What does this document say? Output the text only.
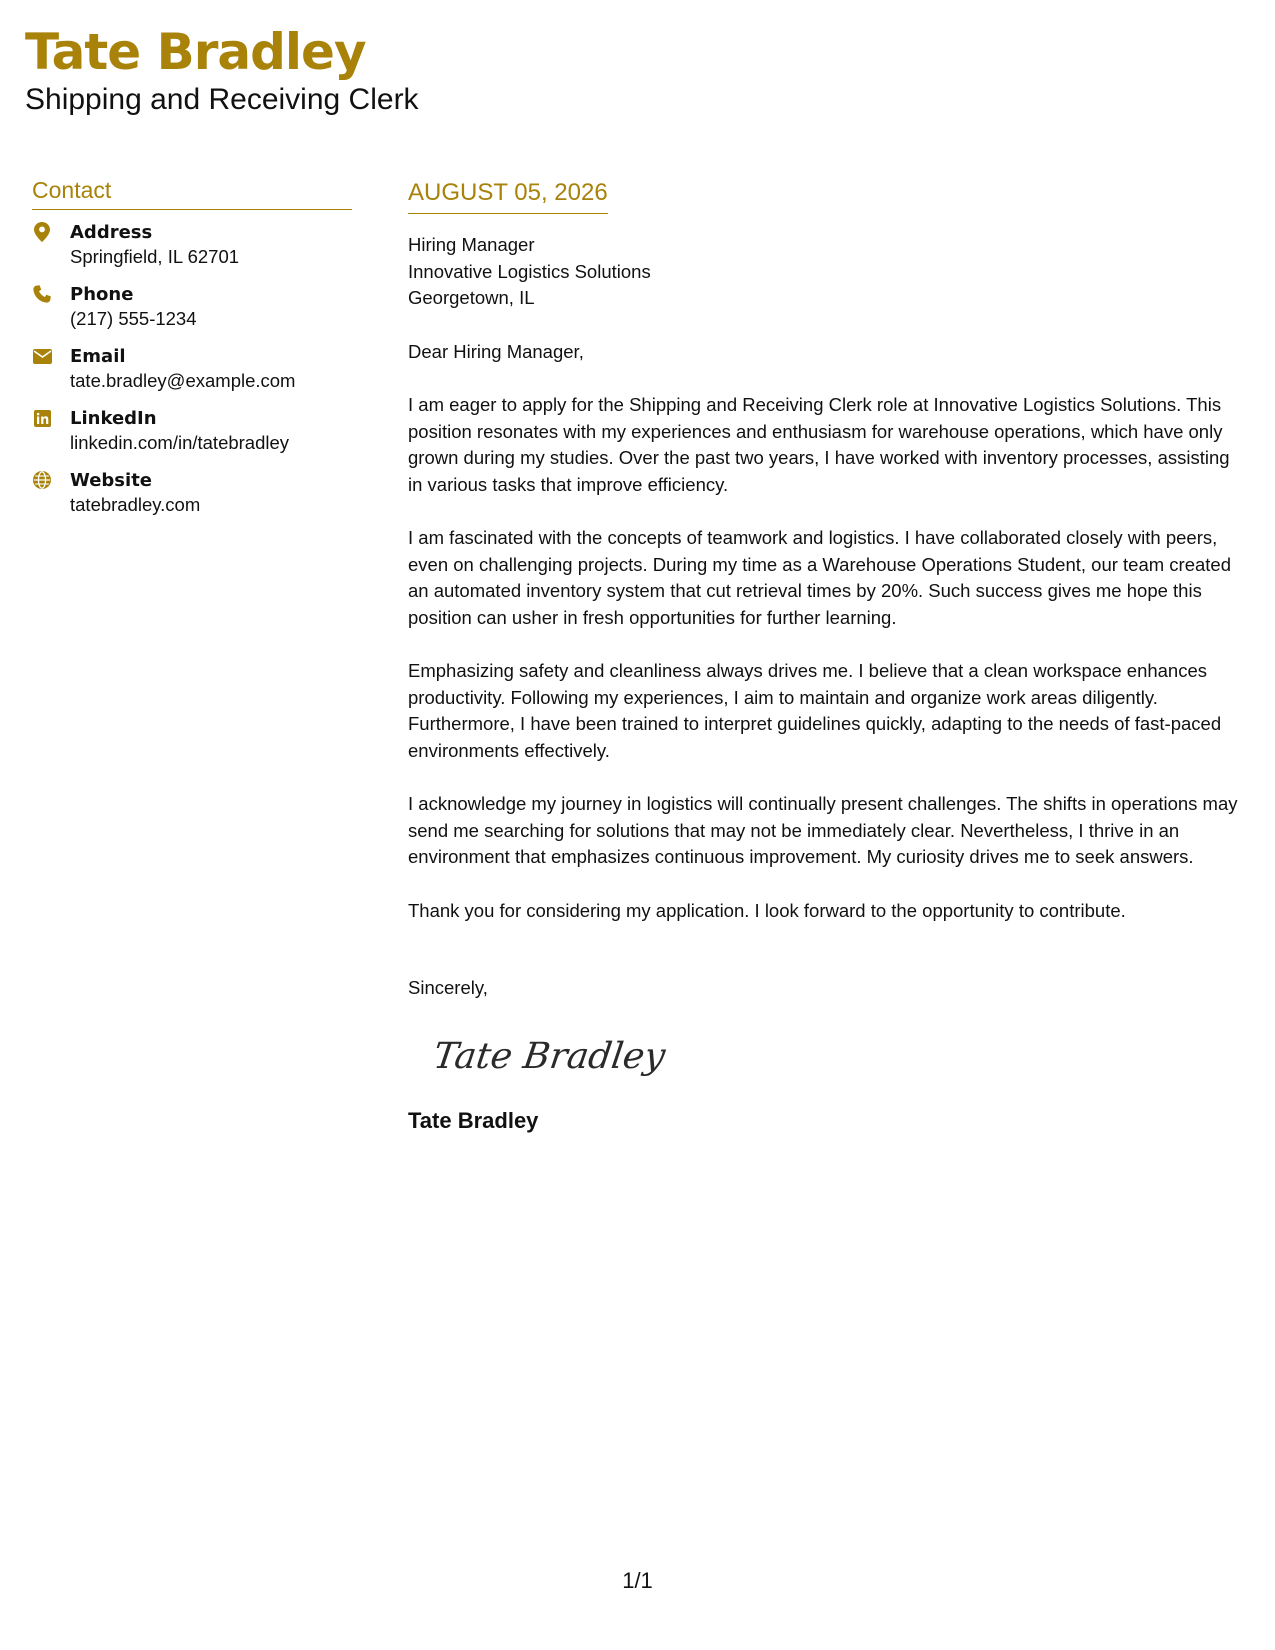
Tate Bradley
Shipping and Receiving Clerk
Contact
Address
Springfield, IL 62701
Phone
(217) 555-1234
Email
tate.bradley@example.com
LinkedIn
linkedin.com/in/tatebradley
Website
tatebradley.com
AUGUST 05, 2026
Hiring Manager
Innovative Logistics Solutions
Georgetown, IL
Dear Hiring Manager,

I am eager to apply for the Shipping and Receiving Clerk role at Innovative Logistics Solutions. This position resonates with my experiences and enthusiasm for warehouse operations, which have only grown during my studies. Over the past two years, I have worked with inventory processes, assisting in various tasks that improve efficiency.

I am fascinated with the concepts of teamwork and logistics. I have collaborated closely with peers, even on challenging projects. During my time as a Warehouse Operations Student, our team created an automated inventory system that cut retrieval times by 20%. Such success gives me hope this position can usher in fresh opportunities for further learning.

Emphasizing safety and cleanliness always drives me. I believe that a clean workspace enhances productivity. Following my experiences, I aim to maintain and organize work areas diligently. Furthermore, I have been trained to interpret guidelines quickly, adapting to the needs of fast-paced environments effectively.

I acknowledge my journey in logistics will continually present challenges. The shifts in operations may send me searching for solutions that may not be immediately clear. Nevertheless, I thrive in an environment that emphasizes continuous improvement. My curiosity drives me to seek answers.

Thank you for considering my application. I look forward to the opportunity to contribute.

Sincerely,
Tate Bradley
Tate Bradley
1/1
